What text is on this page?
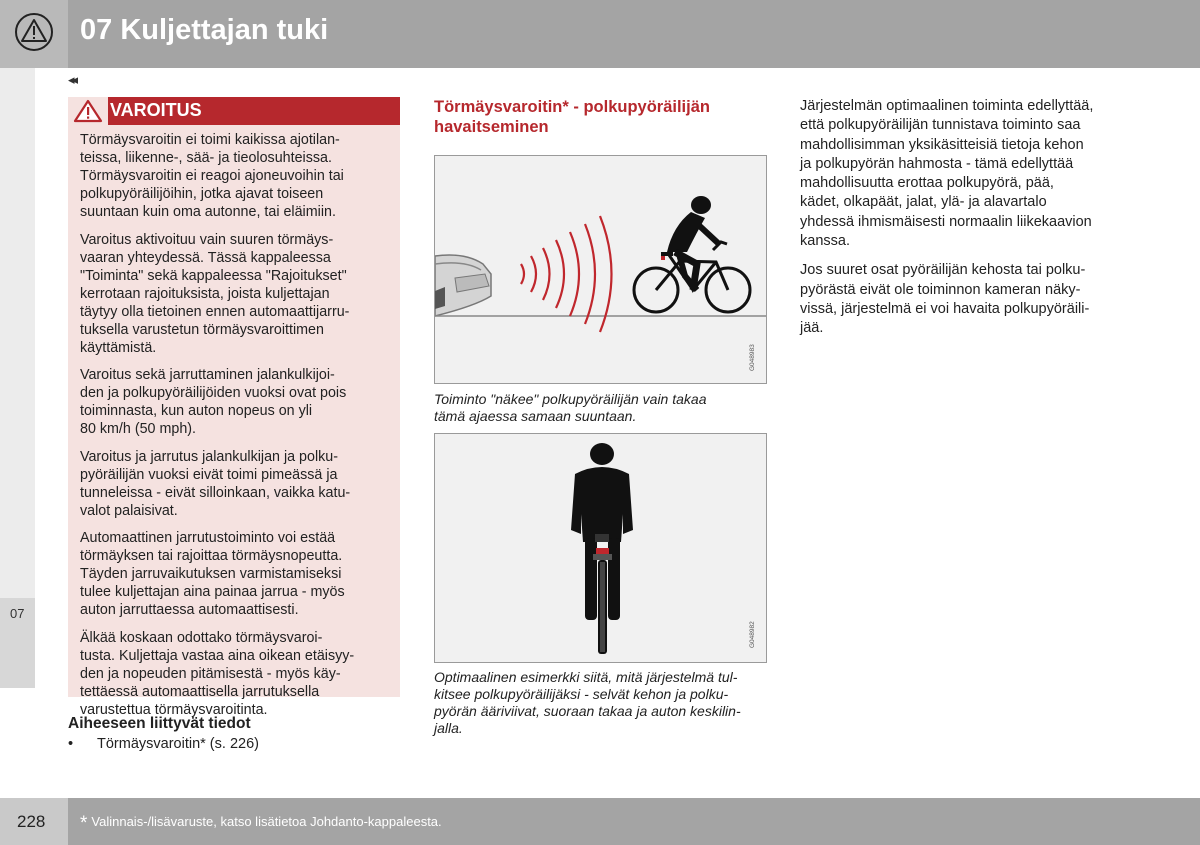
07 Kuljettajan tuki
◂◂
07
VAROITUS

Törmäysvaroitin ei toimi kaikissa ajotilan-
teissa, liikenne-, sää- ja tieolosuhteissa.
Törmäysvaroitin ei reagoi ajoneuvoihin tai
polkupyöräilijöihin, jotka ajavat toiseen
suuntaan kuin oma autonne, tai eläimiin.

Varoitus aktivoituu vain suuren törmäys-
vaaran yhteydessä. Tässä kappaleessa
"Toiminta" sekä kappaleessa "Rajoitukset"
kerrotaan rajoituksista, joista kuljettajan
täytyy olla tietoinen ennen automaattijarru-
tuksella varustetun törmäysvaroittimen
käyttämistä.

Varoitus sekä jarruttaminen jalankulkijoi-
den ja polkupyöräilijöiden vuoksi ovat pois
toiminnasta, kun auton nopeus on yli
80 km/h (50 mph).

Varoitus ja jarrutus jalankulkijan ja polku-
pyöräilijän vuoksi eivät toimi pimeässä ja
tunneleissa - eivät silloinkaan, vaikka katu-
valot palaisivat.

Automaattinen jarrutustoiminto voi estää
törmäyksen tai rajoittaa törmäysnopeutta.
Täyden jarruvaikutuksen varmistamiseksi
tulee kuljettajan aina painaa jarrua - myös
auton jarruttaessa automaattisesti.

Älkää koskaan odottako törmäysvaroi-
tusta. Kuljettaja vastaa aina oikean etäisyy-
den ja nopeuden pitämisestä - myös käy-
tettäessä automaattisella jarrutuksella
varustettua törmäysvaroitinta.

Aiheeseen liittyvät tiedot
• Törmäysvaroitin* (s. 226)
Törmäysvaroitin* - polkupyöräilijän
havaitseminen
G048983
Toiminto "näkee" polkupyöräilijän vain takaa
tämä ajaessa samaan suuntaan.
G048982
Optimaalinen esimerkki siitä, mitä järjestelmä tul-
kitsee polkupyöräilijäksi - selvät kehon ja polku-
pyörän ääriviivat, suoraan takaa ja auton keskilin-
jalla.

Järjestelmän optimaalinen toiminta edellyttää,
että polkupyöräilijän tunnistava toiminto saa
mahdollisimman yksikäsitteisiä tietoja kehon
ja polkupyörän hahmosta - tämä edellyttää
mahdollisuutta erottaa polkupyörä, pää,
kädet, olkapäät, jalat, ylä- ja alavartalo
yhdessä ihmismäisesti normaalin liikekaavion
kanssa.

Jos suuret osat pyöräilijän kehosta tai polku-
pyörästä eivät ole toiminnon kameran näky-
vissä, järjestelmä ei voi havaita polkupyöräili-
jää.

228 * Valinnais-/lisävaruste, katso lisätietoa Johdanto-kappaleesta.
